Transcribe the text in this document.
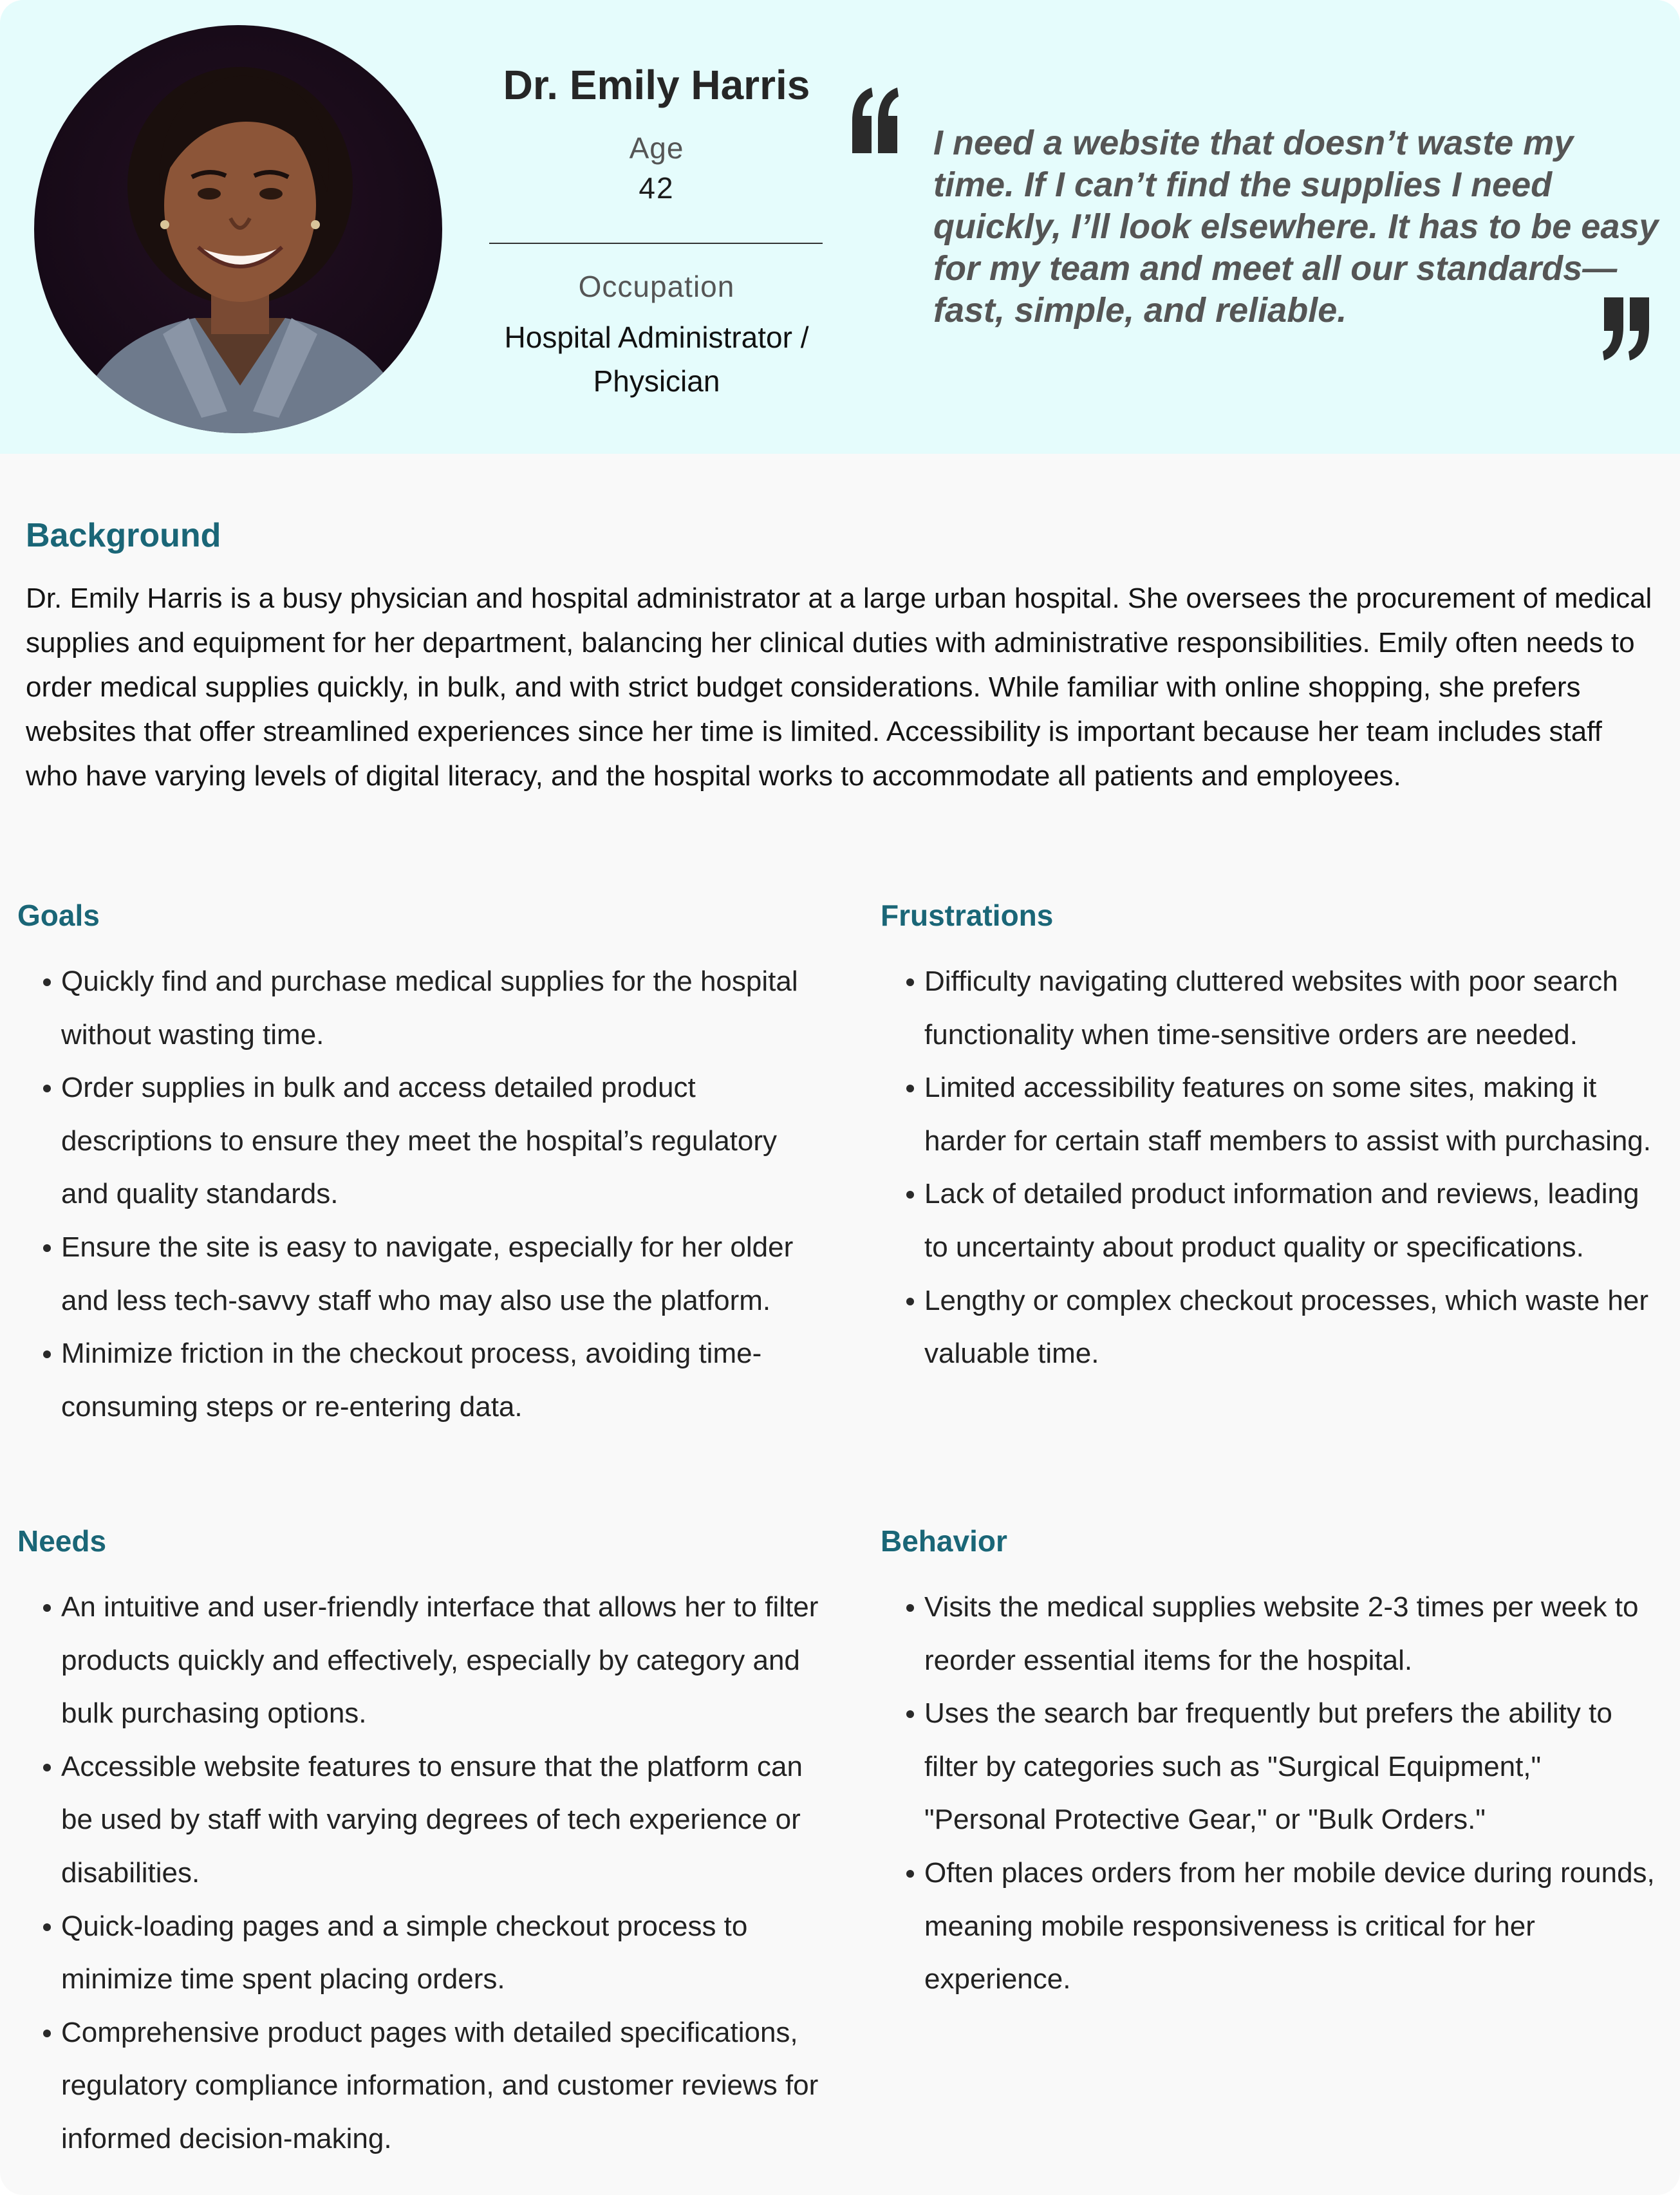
Dr. Emily Harris
Age
42
Occupation
Hospital Administrator / Physician

I need a website that doesn’t waste my time. If I can’t find the supplies I need quickly, I’ll look elsewhere. It has to be easy for my team and meet all our standards—fast, simple, and reliable.

Background

Dr. Emily Harris is a busy physician and hospital administrator at a large urban hospital. She oversees the procurement of medical supplies and equipment for her department, balancing her clinical duties with administrative responsibilities. Emily often needs to order medical supplies quickly, in bulk, and with strict budget considerations. While familiar with online shopping, she prefers websites that offer streamlined experiences since her time is limited. Accessibility is important because her team includes staff who have varying levels of digital literacy, and the hospital works to accommodate all patients and employees.

Goals
Quickly find and purchase medical supplies for the hospital without wasting time.
Order supplies in bulk and access detailed product descriptions to ensure they meet the hospital’s regulatory and quality standards.
Ensure the site is easy to navigate, especially for her older and less tech-savvy staff who may also use the platform.
Minimize friction in the checkout process, avoiding time-consuming steps or re-entering data.
Frustrations
Difficulty navigating cluttered websites with poor search functionality when time-sensitive orders are needed.
Limited accessibility features on some sites, making it harder for certain staff members to assist with purchasing.
Lack of detailed product information and reviews, leading to uncertainty about product quality or specifications.
Lengthy or complex checkout processes, which waste her valuable time.
Needs
An intuitive and user-friendly interface that allows her to filter products quickly and effectively, especially by category and bulk purchasing options.
Accessible website features to ensure that the platform can be used by staff with varying degrees of tech experience or disabilities.
Quick-loading pages and a simple checkout process to minimize time spent placing orders.
Comprehensive product pages with detailed specifications, regulatory compliance information, and customer reviews for informed decision-making.
Behavior
Visits the medical supplies website 2-3 times per week to reorder essential items for the hospital.
Uses the search bar frequently but prefers the ability to filter by categories such as "Surgical Equipment," "Personal Protective Gear," or "Bulk Orders."
Often places orders from her mobile device during rounds, meaning mobile responsiveness is critical for her experience.
